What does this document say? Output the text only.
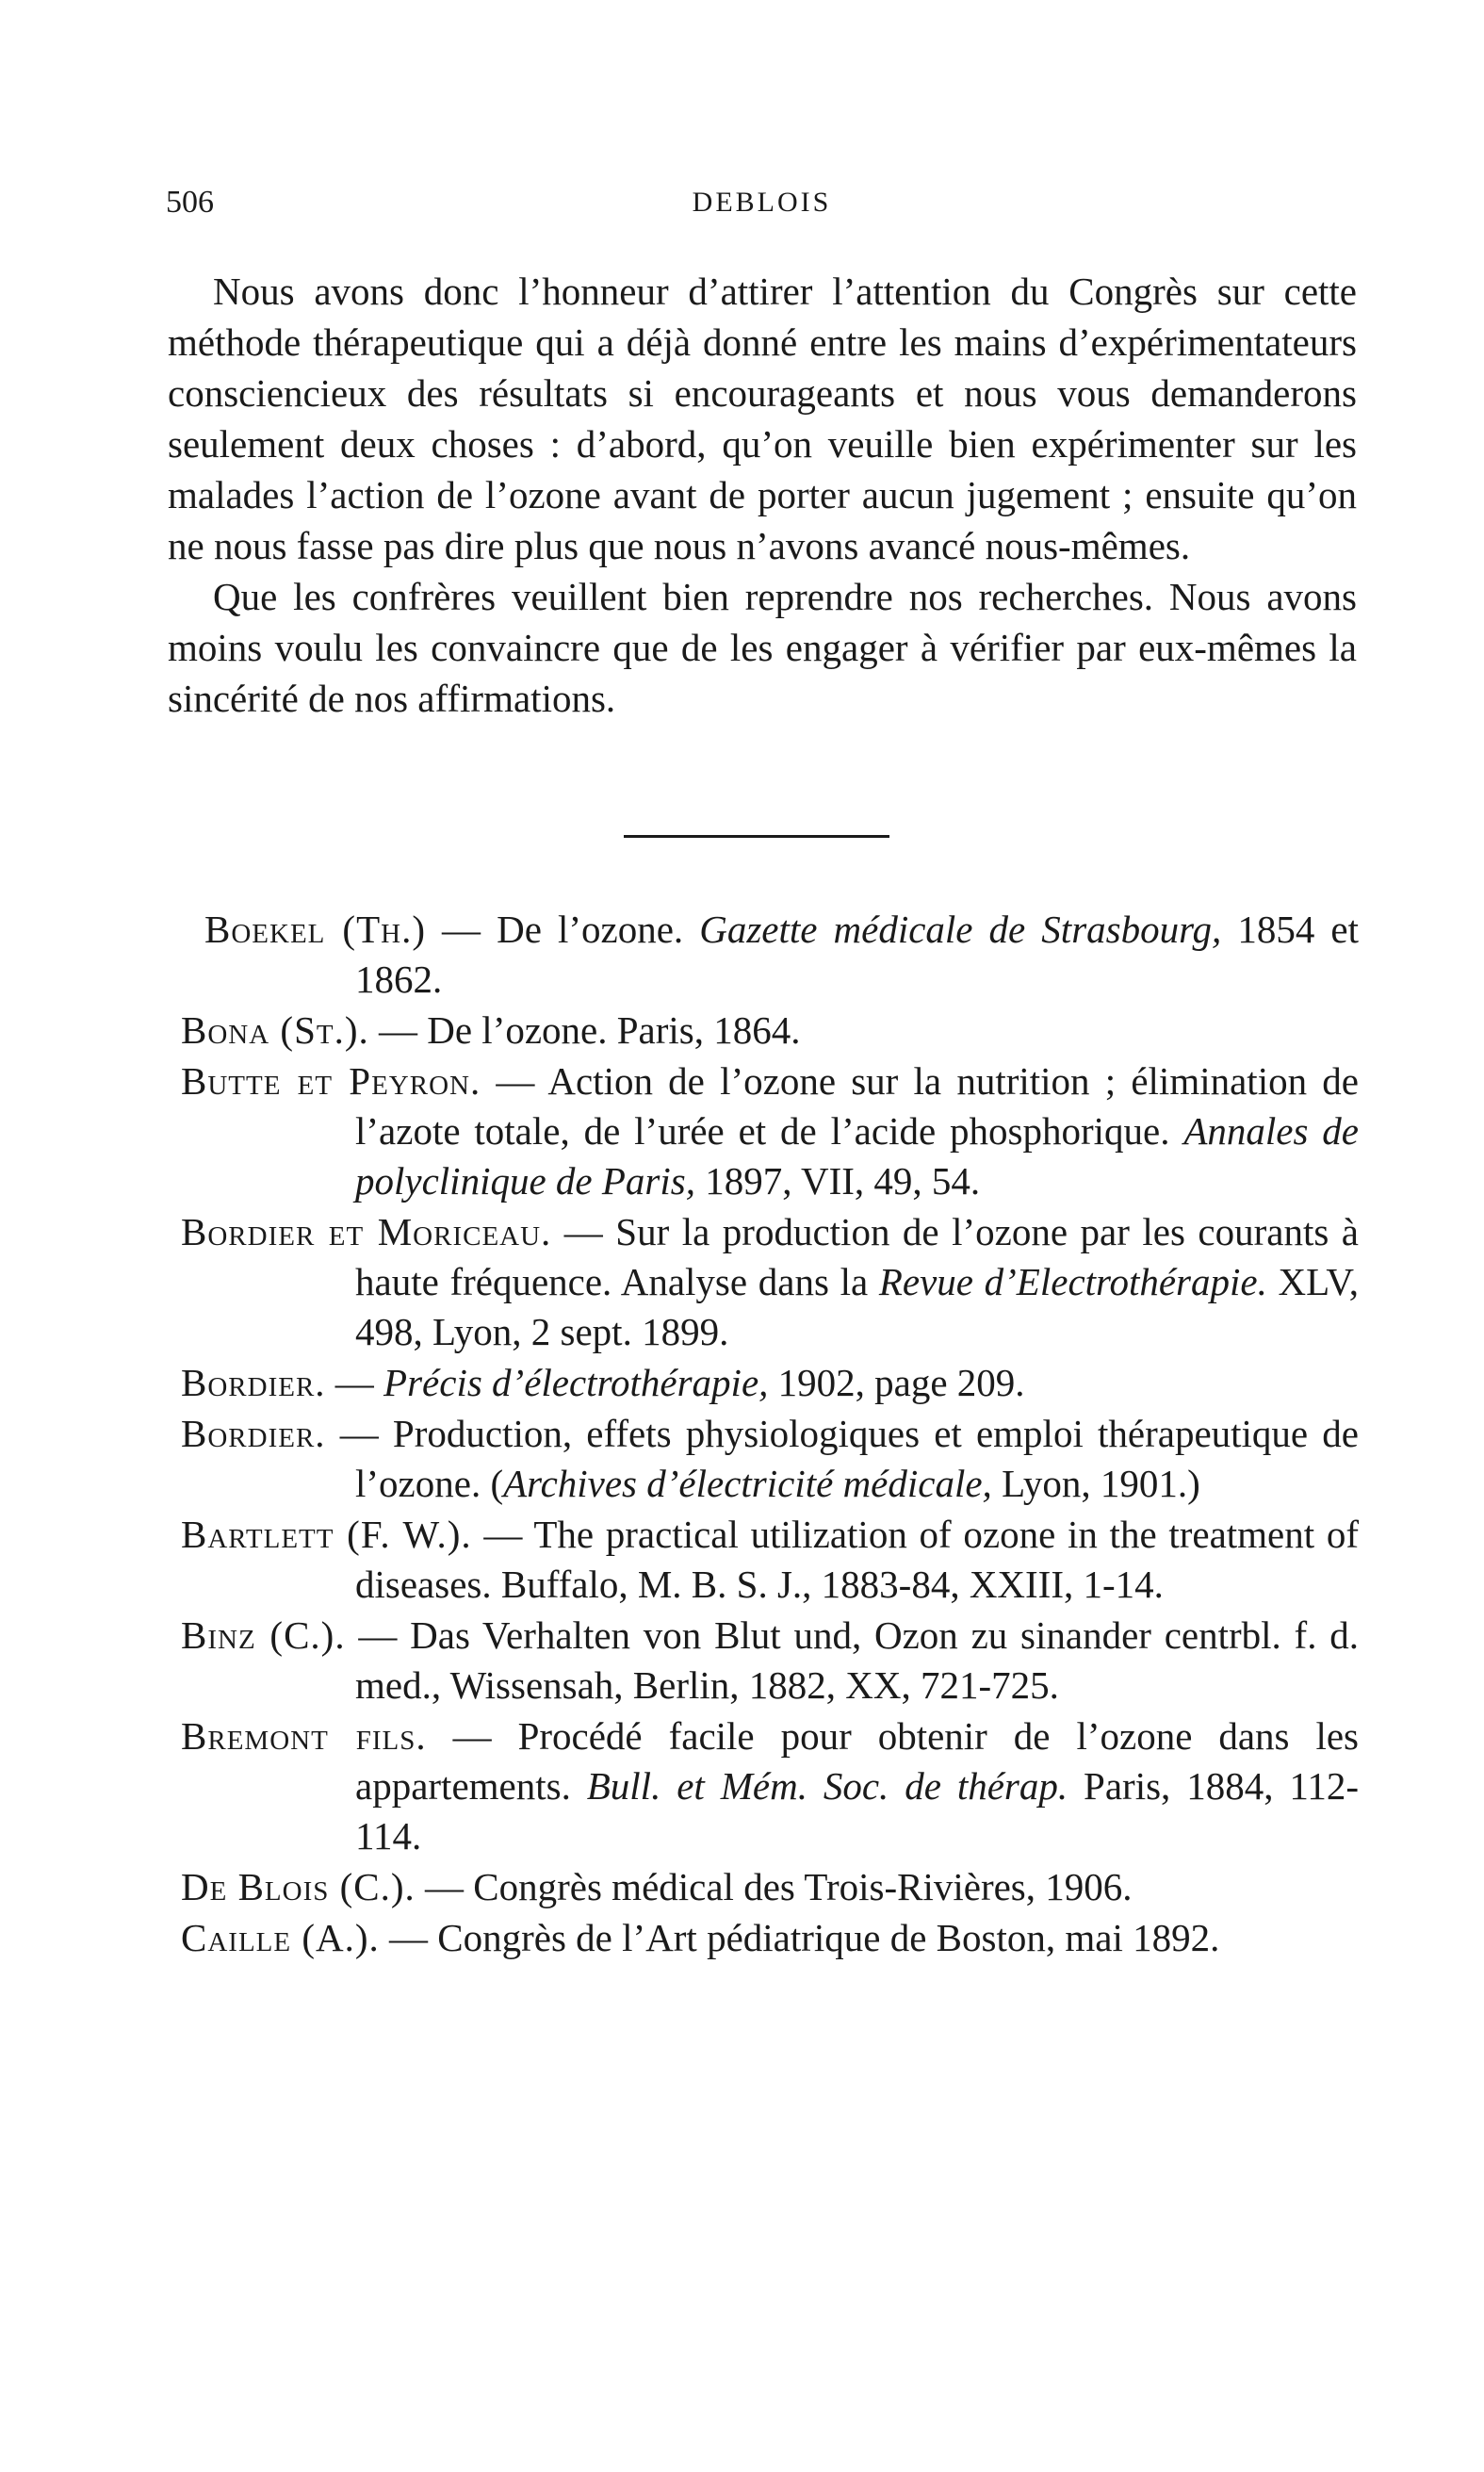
506	DEBLOIS

Nous avons donc l’honneur d’attirer l’attention du Congrès sur cette méthode thérapeutique qui a déjà donné entre les mains d’expérimentateurs consciencieux des résultats si encourageants et nous vous demanderons seulement deux choses : d’abord, qu’on veuille bien expérimenter sur les malades l’action de l’ozone avant de porter aucun jugement ; ensuite qu’on ne nous fasse pas dire plus que nous n’avons avancé nous-mêmes.

Que les confrères veuillent bien reprendre nos recherches. Nous avons moins voulu les convaincre que de les engager à vérifier par eux-mêmes la sincérité de nos affirmations.

Boekel (Th.) — De l’ozone. Gazette médicale de Strasbourg, 1854 et 1862.

Bona (St.). — De l’ozone. Paris, 1864.

Butte et Peyron. — Action de l’ozone sur la nutrition ; élimination de l’azote totale, de l’urée et de l’acide phosphorique. Annales de polyclinique de Paris, 1897, VII, 49, 54.

Bordier et Moriceau. — Sur la production de l’ozone par les courants à haute fréquence. Analyse dans la Revue d’Electrothérapie. XLV, 498, Lyon, 2 sept. 1899.

Bordier. — Précis d’électrothérapie, 1902, page 209.

Bordier. — Production, effets physiologiques et emploi thérapeutique de l’ozone. (Archives d’électricité médicale, Lyon, 1901.)

Bartlett (F. W.). — The practical utilization of ozone in the treatment of diseases. Buffalo, M. B. S. J., 1883-84, XXIII, 1-14.

Binz (C.). — Das Verhalten von Blut und, Ozon zu sinander centrbl. f. d. med., Wissensah, Berlin, 1882, XX, 721-725.

Bremont fils. — Procédé facile pour obtenir de l’ozone dans les appartements. Bull. et Mém. Soc. de thérap. Paris, 1884, 112-114.

De Blois (C.). — Congrès médical des Trois-Rivières, 1906.

Caille (A.). — Congrès de l’Art pédiatrique de Boston, mai 1892.
